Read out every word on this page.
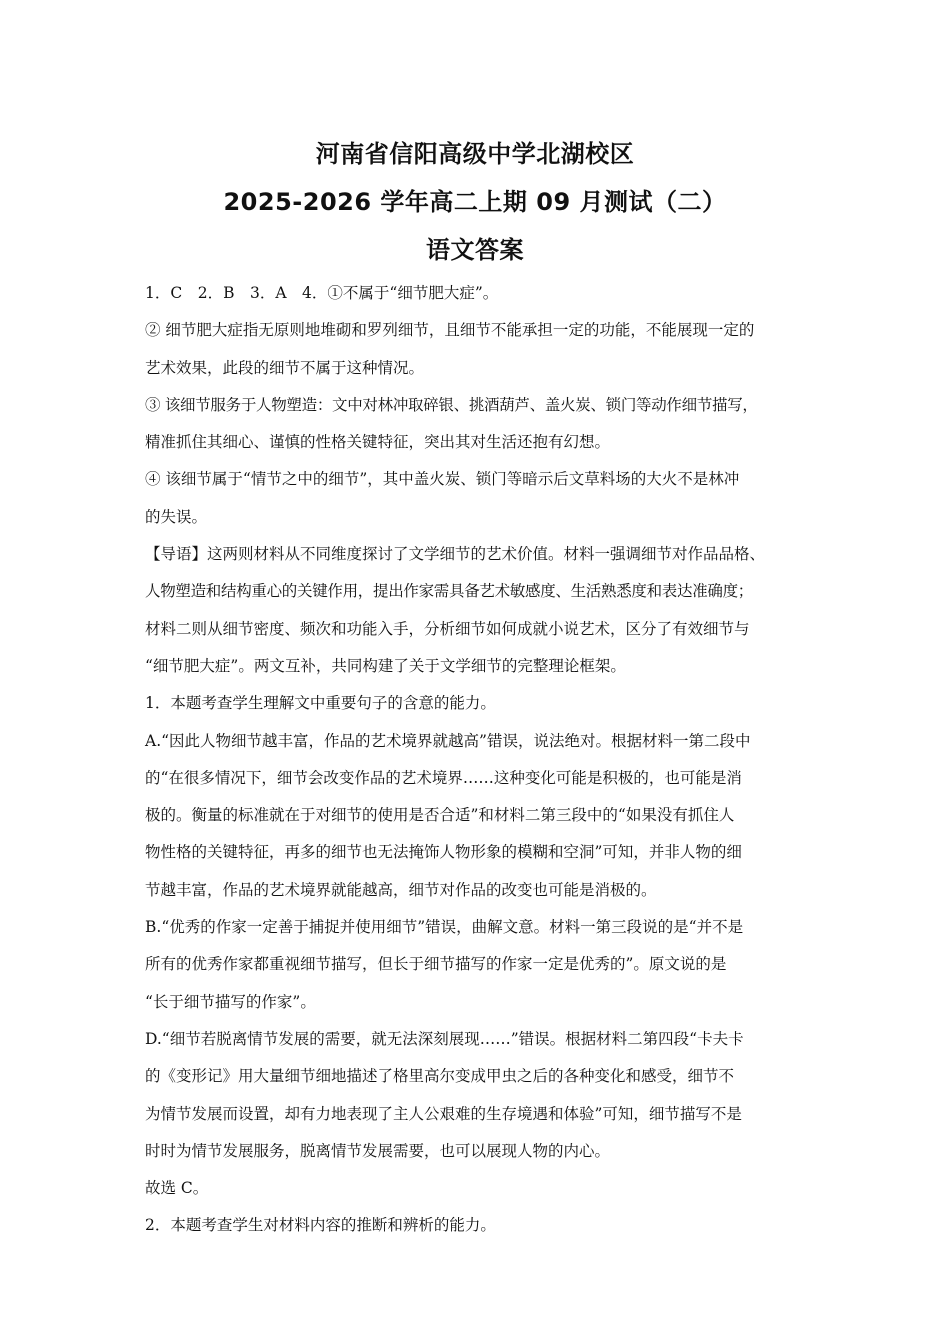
河南省信阳高级中学北湖校区
2025-2026 学年高二上期 09 月测试（二）
语文答案
1．C　2．B　3．A　4．①不属于“细节肥大症”。
② 细节肥大症指无原则地堆砌和罗列细节，且细节不能承担一定的功能，不能展现一定的
艺术效果，此段的细节不属于这种情况。
③ 该细节服务于人物塑造：文中对林冲取碎银、挑酒葫芦、盖火炭、锁门等动作细节描写，
精准抓住其细心、谨慎的性格关键特征，突出其对生活还抱有幻想。
④ 该细节属于“情节之中的细节”，其中盖火炭、锁门等暗示后文草料场的大火不是林冲
的失误。
【导语】这两则材料从不同维度探讨了文学细节的艺术价值。材料一强调细节对作品品格、
人物塑造和结构重心的关键作用，提出作家需具备艺术敏感度、生活熟悉度和表达准确度；
材料二则从细节密度、频次和功能入手，分析细节如何成就小说艺术，区分了有效细节与
“细节肥大症”。两文互补，共同构建了关于文学细节的完整理论框架。
1．本题考查学生理解文中重要句子的含意的能力。
A.“因此人物细节越丰富，作品的艺术境界就越高”错误，说法绝对。根据材料一第二段中
的“在很多情况下，细节会改变作品的艺术境界……这种变化可能是积极的，也可能是消
极的。衡量的标准就在于对细节的使用是否合适”和材料二第三段中的“如果没有抓住人
物性格的关键特征，再多的细节也无法掩饰人物形象的模糊和空洞”可知，并非人物的细
节越丰富，作品的艺术境界就能越高，细节对作品的改变也可能是消极的。
B.“优秀的作家一定善于捕捉并使用细节”错误，曲解文意。材料一第三段说的是“并不是
所有的优秀作家都重视细节描写，但长于细节描写的作家一定是优秀的”。原文说的是
“长于细节描写的作家”。
D.“细节若脱离情节发展的需要，就无法深刻展现……”错误。根据材料二第四段“卡夫卡
的《变形记》用大量细节细地描述了格里高尔变成甲虫之后的各种变化和感受，细节不
为情节发展而设置，却有力地表现了主人公艰难的生存境遇和体验”可知，细节描写不是
时时为情节发展服务，脱离情节发展需要，也可以展现人物的内心。
故选 C。
2．本题考查学生对材料内容的推断和辨析的能力。
